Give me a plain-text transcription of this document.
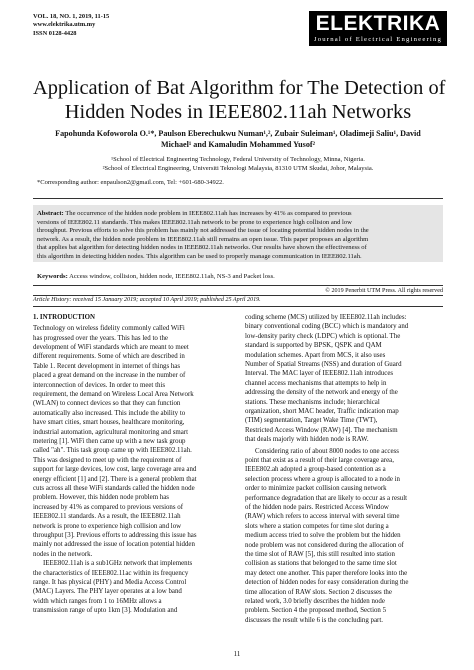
VOL. 18, NO. 1, 2019, 11-15
www.elektrika.utm.my
ISSN 0128-4428	ELEKTRIKA
Journal of Electrical Engineering
Application of Bat Algorithm for The Detection of
Hidden Nodes in IEEE802.11ah Networks
Fapohunda Kofoworola O.¹*, Paulson Eberechukwu Numan¹,², Zubair Suleiman¹, Oladimeji Saliu¹, David
Michael¹ and Kamaludin Mohammed Yusof²
¹School of Electrical Engineering Technology, Federal University of Technology, Minna, Nigeria.
²School of Electrical Engineering, Universiti Teknologi Malaysia, 81310 UTM Skudai, Johor, Malaysia.
*Corresponding author: enpaulson2@gmail.com, Tel: +601-680-34922.
Abstract: The occurrence of the hidden node problem in IEEE802.11ah has increases by 41% as compared to previous
versions of IEEE802.11 standards. This makes IEEE802.11ah network to be prone to experience high collision and low
throughput. Previous efforts to solve this problem has mainly not addressed the issue of locating potential hidden nodes in the
network. As a result, the hidden node problem in IEEE802.11ah still remains an open issue. This paper proposes an algorithm
that applies bat algorithm for detecting hidden nodes in IEEE802.11ah networks. Our results have shown the effectiveness of
this algorithm in detecting hidden nodes. This algorithm can be used to properly manage communication in IEEE802.11ah.
Keywords: Access window, collision, hidden node, IEEE802.11ah, NS-3 and Packet loss.
© 2019 Penerbit UTM Press. All rights reserved
Article History: received 15 January 2019; accepted 10 April 2019; published 25 April 2019.
1. INTRODUCTION
Technology on wireless fidelity commonly called WiFi
has progressed over the years. This has led to the
development of WiFi standards which are meant to meet
different requirements. Some of which are described in
Table 1. Recent development in internet of things has
placed a great demand on the increase in the number of
interconnection of devices. In order to meet this
requirement, the demand on Wireless Local Area Network
(WLAN) to connect devices so that they can function
automatically also increased. This include the ability to
have smart cities, smart houses, healthcare monitoring,
industrial automation, agricultural monitoring and smart
metering [1]. WiFi then came up with a new task group
called "ah". This task group came up with IEEE802.11ah.
This was designed to meet up with the requirement of
support for large devices, low cost, large coverage area and
energy efficient [1] and [2]. There is a general problem that
cuts across all these WiFi standards called the hidden node
problem. However, this hidden node problem has
increased by 41% as compared to previous versions of
IEEE802.11 standards. As a result, the IEEE802.11ah
network is prone to experience high collision and low
throughput [3]. Previous efforts to addressing this issue has
mainly not addressed the issue of location potential hidden
nodes in the network.
IEEE802.11ah is a sub1GHz network that implements
the characteristics of IEEE802.11ac within its frequency
range. It has physical (PHY) and Media Access Control
(MAC) Layers. The PHY layer operates at a low band
width which ranges from 1 to 16MHz allows a
transmission range of upto 1km [3]. Modulation and
coding scheme (MCS) utilized by IEEE802.11ah includes:
binary conventional coding (BCC) which is mandatory and
low-density parity check (LDPC) which is optional. The
standard is supported by BPSK, QSPK and QAM
modulation schemes. Apart from MCS, it also uses
Number of Spatial Streams (NSS) and duration of Guard
Interval. The MAC layer of IEEE802.11ah introduces
channel access mechanisms that attempts to help in
addressing the density of the network and energy of the
stations. These mechanisms include; hierarchical
organization, short MAC header, Traffic indication map
(TIM) segmentation, Target Wake Time (TWT),
Restricted Access Window (RAW) [4]. The mechanism
that deals majorly with hidden node is RAW.
Considering ratio of about 8000 nodes to one access
point that exist as a result of their large coverage area,
IEEE802.ah adopted a group-based contention as a
selection process where a group is allocated to a node in
order to minimize packet collision causing network
performance degradation that are likely to occur as a result
of the hidden node pairs. Restricted Access Window
(RAW) which refers to access interval with several time
slots where a station competes for time slot during a
medium access tried to solve the problem but the hidden
node problem was not considered during the allocation of
the time slot of RAW [5], this still resulted into station
collision as stations that belonged to the same time slot
may detect one another. This paper therefore looks into the
detection of hidden nodes for easy consideration during the
time allocation of RAW slots. Section 2 discusses the
related work, 3.0 briefly describes the hidden node
problem. Section 4 the proposed method, Section 5
discusses the result while 6 is the concluding part.
11
